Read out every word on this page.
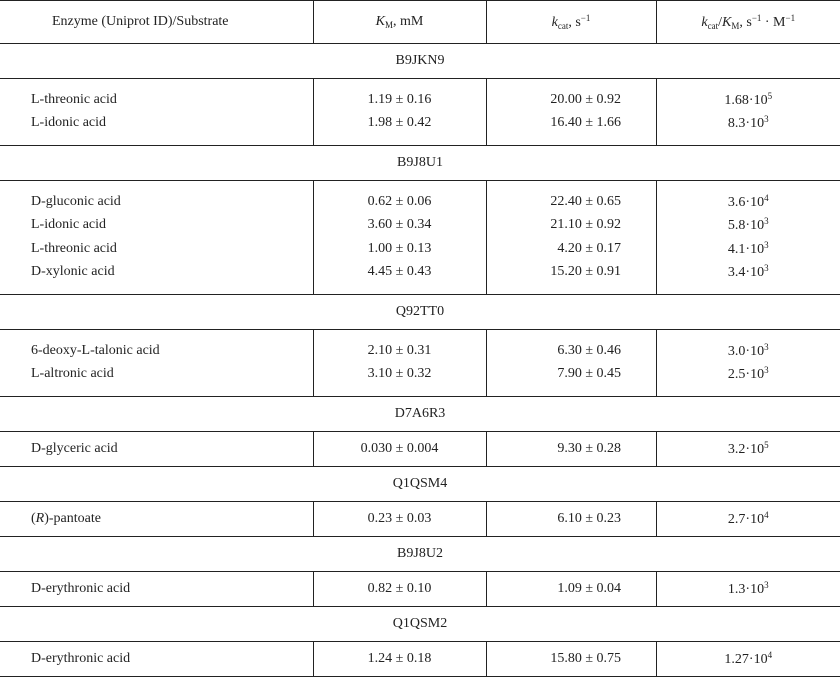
Enzyme (Uniprot ID)/Substrate	$K_M$, mM	$k_{cat}$, $s^{-1}$	$k_{cat}/K_M$, $s^{-1} \cdot M^{-1}$
B9JKN9			
L-threonic acid	1.19 ± 0.16	20.00 ± 0.92	$1.68\cdot 10^5$
L-idonic acid	1.98 ± 0.42	16.40 ± 1.66	$8.3\cdot 10^3$
B9J8U1			
D-gluconic acid	0.62 ± 0.06	22.40 ± 0.65	$3.6\cdot 10^4$
L-idonic acid	3.60 ± 0.34	21.10 ± 0.92	$5.8\cdot 10^3$
L-threonic acid	1.00 ± 0.13	4.20 ± 0.17	$4.1\cdot 10^3$
D-xylonic acid	4.45 ± 0.43	15.20 ± 0.91	$3.4\cdot 10^3$
Q92TT0			
6-deoxy-L-talonic acid	2.10 ± 0.31	6.30 ± 0.46	$3.0\cdot 10^3$
L-altronic acid	3.10 ± 0.32	7.90 ± 0.45	$2.5\cdot 10^3$
D7A6R3			
D-glyceric acid	0.030 ± 0.004	9.30 ± 0.28	$3.2\cdot 10^5$
Q1QSM4			
(R)-pantoate	0.23 ± 0.03	6.10 ± 0.23	$2.7\cdot 10^4$
B9J8U2			
D-erythronic acid	0.82 ± 0.10	1.09 ± 0.04	$1.3\cdot 10^3$
Q1QSM2			
D-erythronic acid	1.24 ± 0.18	15.80 ± 0.75	$1.27\cdot 10^4$
